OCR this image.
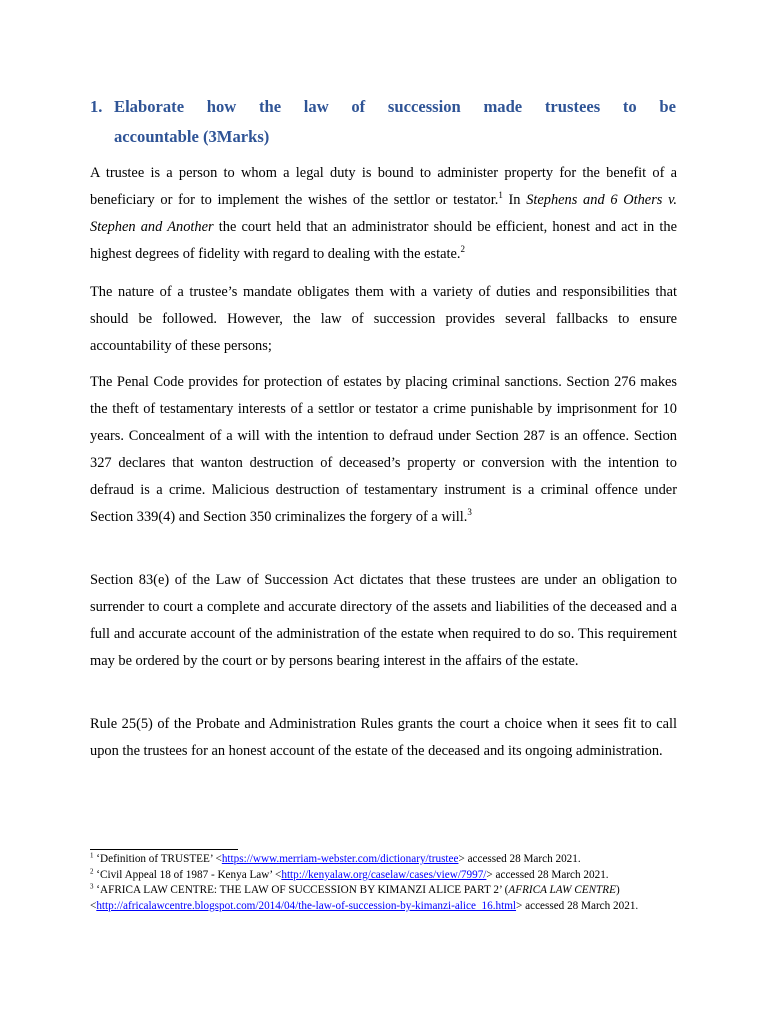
1. Elaborate how the law of succession made trustees to be
accountable (3Marks)

A trustee is a person to whom a legal duty is bound to administer property for the benefit of a beneficiary or for to implement the wishes of the settlor or testator.$^1$ In Stephens and 6 Others v. Stephen and Another the court held that an administrator should be efficient, honest and act in the highest degrees of fidelity with regard to dealing with the estate.$^2$

The nature of a trustee’s mandate obligates them with a variety of duties and responsibilities that should be followed. However, the law of succession provides several fallbacks to ensure accountability of these persons;

The Penal Code provides for protection of estates by placing criminal sanctions. Section 276 makes the theft of testamentary interests of a settlor or testator a crime punishable by imprisonment for 10 years. Concealment of a will with the intention to defraud under Section 287 is an offence. Section 327 declares that wanton destruction of deceased’s property or conversion with the intention to defraud is a crime. Malicious destruction of testamentary instrument is a criminal offence under Section 339(4) and Section 350 criminalizes the forgery of a will.$^3$

Section 83(e) of the Law of Succession Act dictates that these trustees are under an obligation to surrender to court a complete and accurate directory of the assets and liabilities of the deceased and a full and accurate account of the administration of the estate when required to do so. This requirement may be ordered by the court or by persons bearing interest in the affairs of the estate.

Rule 25(5) of the Probate and Administration Rules grants the court a choice when it sees fit to call upon the trustees for an honest account of the estate of the deceased and its ongoing administration.

$^1$ ‘Definition of TRUSTEE’ <https://www.merriam-webster.com/dictionary/trustee> accessed 28 March 2021.
$^2$ ‘Civil Appeal 18 of 1987 - Kenya Law’ <http://kenyalaw.org/caselaw/cases/view/7997/> accessed 28 March 2021.
$^3$ ‘AFRICA LAW CENTRE: THE LAW OF SUCCESSION BY KIMANZI ALICE PART 2’ (AFRICA LAW CENTRE) <http://africalawcentre.blogspot.com/2014/04/the-law-of-succession-by-kimanzi-alice_16.html> accessed 28 March 2021.
